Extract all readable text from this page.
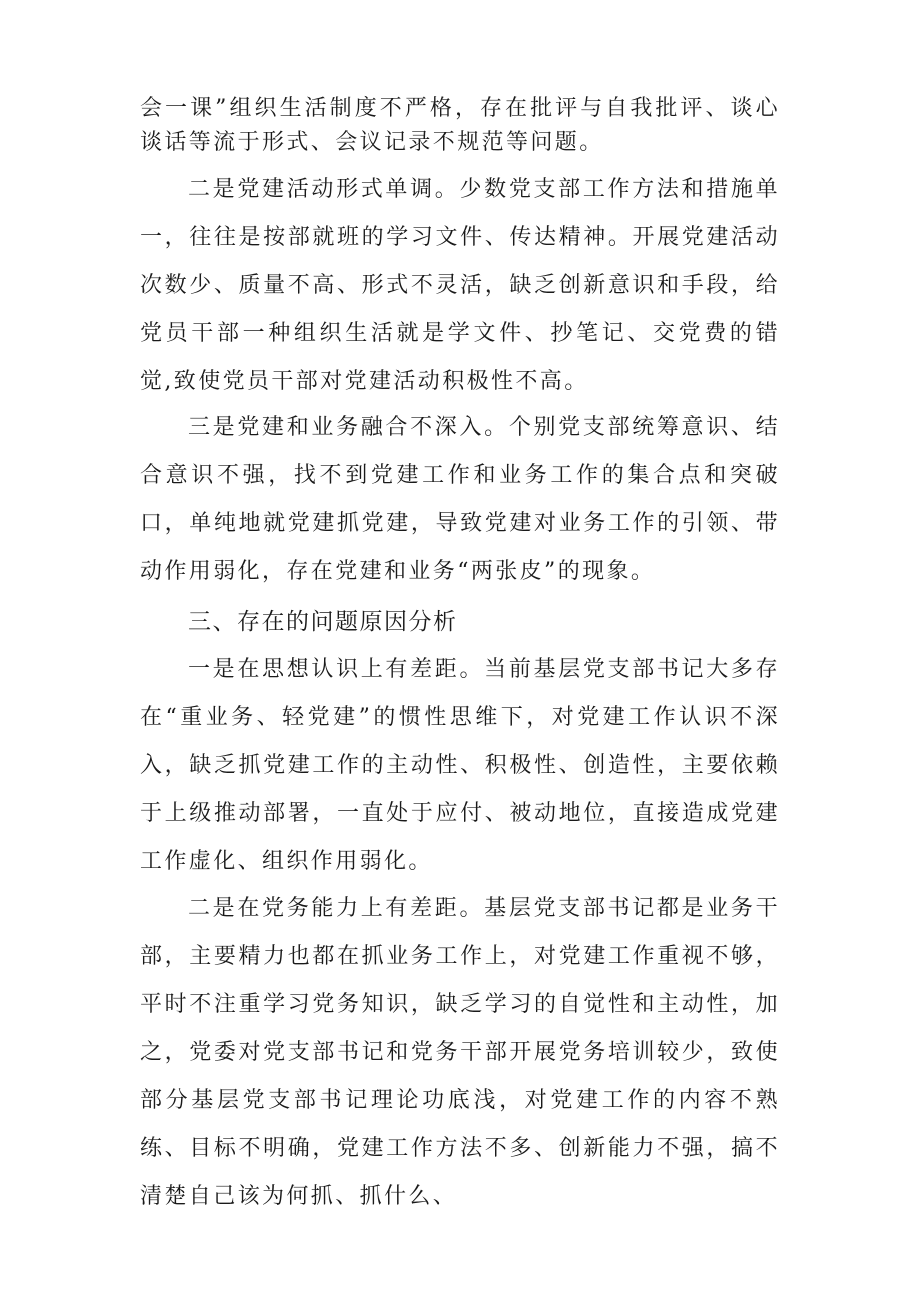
会一课”组织生活制度不严格，存在批评与自我批评、谈心谈话等流于形式、会议记录不规范等问题。

二是党建活动形式单调。少数党支部工作方法和措施单一，往往是按部就班的学习文件、传达精神。开展党建活动次数少、质量不高、形式不灵活，缺乏创新意识和手段，给党员干部一种组织生活就是学文件、抄笔记、交党费的错觉,致使党员干部对党建活动积极性不高。

三是党建和业务融合不深入。个别党支部统筹意识、结合意识不强，找不到党建工作和业务工作的集合点和突破口，单纯地就党建抓党建，导致党建对业务工作的引领、带动作用弱化，存在党建和业务“两张皮”的现象。

三、存在的问题原因分析

一是在思想认识上有差距。当前基层党支部书记大多存在“重业务、轻党建”的惯性思维下，对党建工作认识不深入，缺乏抓党建工作的主动性、积极性、创造性，主要依赖于上级推动部署，一直处于应付、被动地位，直接造成党建工作虚化、组织作用弱化。

二是在党务能力上有差距。基层党支部书记都是业务干部，主要精力也都在抓业务工作上，对党建工作重视不够，平时不注重学习党务知识，缺乏学习的自觉性和主动性，加之，党委对党支部书记和党务干部开展党务培训较少，致使部分基层党支部书记理论功底浅，对党建工作的内容不熟练、目标不明确，党建工作方法不多、创新能力不强，搞不清楚自己该为何抓、抓什么、
